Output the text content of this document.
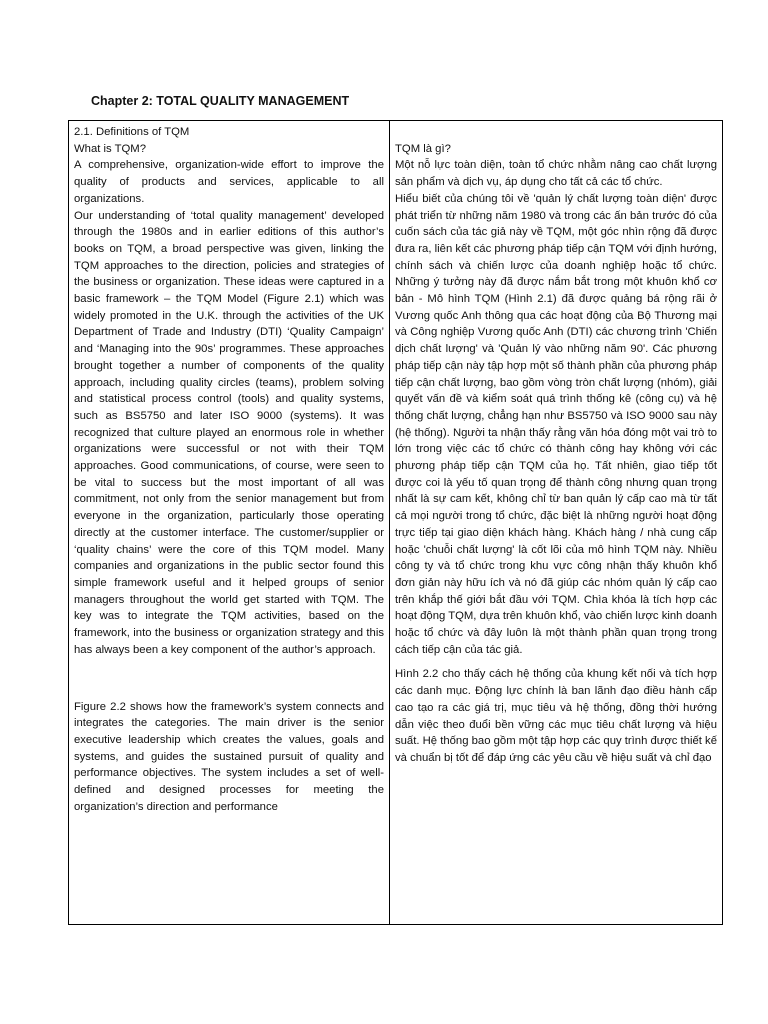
Chapter 2: TOTAL QUALITY MANAGEMENT

2.1. Definitions of TQM

What is TQM?

A comprehensive, organization-wide effort to improve the quality of products and services, applicable to all organizations.

Our understanding of ‘total quality management’ developed through the 1980s and in earlier editions of this author’s books on TQM, a broad perspective was given, linking the TQM approaches to the direction, policies and strategies of the business or organization. These ideas were captured in a basic framework – the TQM Model (Figure 2.1) which was widely promoted in the U.K. through the activities of the UK Department of Trade and Industry (DTI) ‘Quality Campaign’ and ‘Managing into the 90s’ programmes. These approaches brought together a number of components of the quality approach, including quality circles (teams), problem solving and statistical process control (tools) and quality systems, such as BS5750 and later ISO 9000 (systems). It was recognized that culture played an enormous role in whether organizations were successful or not with their TQM approaches. Good communications, of course, were seen to be vital to success but the most important of all was commitment, not only from the senior management but from everyone in the organization, particularly those operating directly at the customer interface. The customer/supplier or ‘quality chains’ were the core of this TQM model. Many companies and organizations in the public sector found this simple framework useful and it helped groups of senior managers throughout the world get started with TQM. The key was to integrate the TQM activities, based on the framework, into the business or organization strategy and this has always been a key component of the author’s approach.

Figure 2.2 shows how the framework’s system connects and integrates the categories. The main driver is the senior executive leadership which creates the values, goals and systems, and guides the sustained pursuit of quality and performance objectives. The system includes a set of well-defined and designed processes for meeting the organization’s direction and performance

TQM là gì?

Một nỗ lực toàn diện, toàn tổ chức nhằm nâng cao chất lượng sản phẩm và dịch vụ, áp dụng cho tất cả các tổ chức.

Hiểu biết của chúng tôi về 'quản lý chất lượng toàn diện' được phát triển từ những năm 1980 và trong các ấn bản trước đó của cuốn sách của tác giả này về TQM, một góc nhìn rộng đã được đưa ra, liên kết các phương pháp tiếp cận TQM với định hướng, chính sách và chiến lược của doanh nghiệp hoặc tổ chức. Những ý tưởng này đã được nắm bắt trong một khuôn khổ cơ bản - Mô hình TQM (Hình 2.1) đã được quảng bá rộng rãi ở Vương quốc Anh thông qua các hoạt động của Bộ Thương mại và Công nghiệp Vương quốc Anh (DTI) các chương trình 'Chiến dịch chất lượng' và 'Quản lý vào những năm 90'. Các phương pháp tiếp cận này tập hợp một số thành phần của phương pháp tiếp cận chất lượng, bao gồm vòng tròn chất lượng (nhóm), giải quyết vấn đề và kiểm soát quá trình thống kê (công cụ) và hệ thống chất lượng, chẳng hạn như BS5750 và ISO 9000 sau này (hệ thống). Người ta nhận thấy rằng văn hóa đóng một vai trò to lớn trong việc các tổ chức có thành công hay không với các phương pháp tiếp cận TQM của họ. Tất nhiên, giao tiếp tốt được coi là yếu tố quan trọng để thành công nhưng quan trọng nhất là sự cam kết, không chỉ từ ban quản lý cấp cao mà từ tất cả mọi người trong tổ chức, đặc biệt là những người hoạt động trực tiếp tại giao diện khách hàng. Khách hàng / nhà cung cấp hoặc 'chuỗi chất lượng' là cốt lõi của mô hình TQM này. Nhiều công ty và tổ chức trong khu vực công nhận thấy khuôn khổ đơn giản này hữu ích và nó đã giúp các nhóm quản lý cấp cao trên khắp thế giới bắt đầu với TQM. Chìa khóa là tích hợp các hoạt động TQM, dựa trên khuôn khổ, vào chiến lược kinh doanh hoặc tổ chức và đây luôn là một thành phần quan trọng trong cách tiếp cận của tác giả.

Hình 2.2 cho thấy cách hệ thống của khung kết nối và tích hợp các danh mục. Động lực chính là ban lãnh đạo điều hành cấp cao tạo ra các giá trị, mục tiêu và hệ thống, đồng thời hướng dẫn việc theo đuổi bền vững các mục tiêu chất lượng và hiệu suất. Hệ thống bao gồm một tập hợp các quy trình được thiết kế và chuẩn bị tốt để đáp ứng các yêu cầu về hiệu suất và chỉ đạo
